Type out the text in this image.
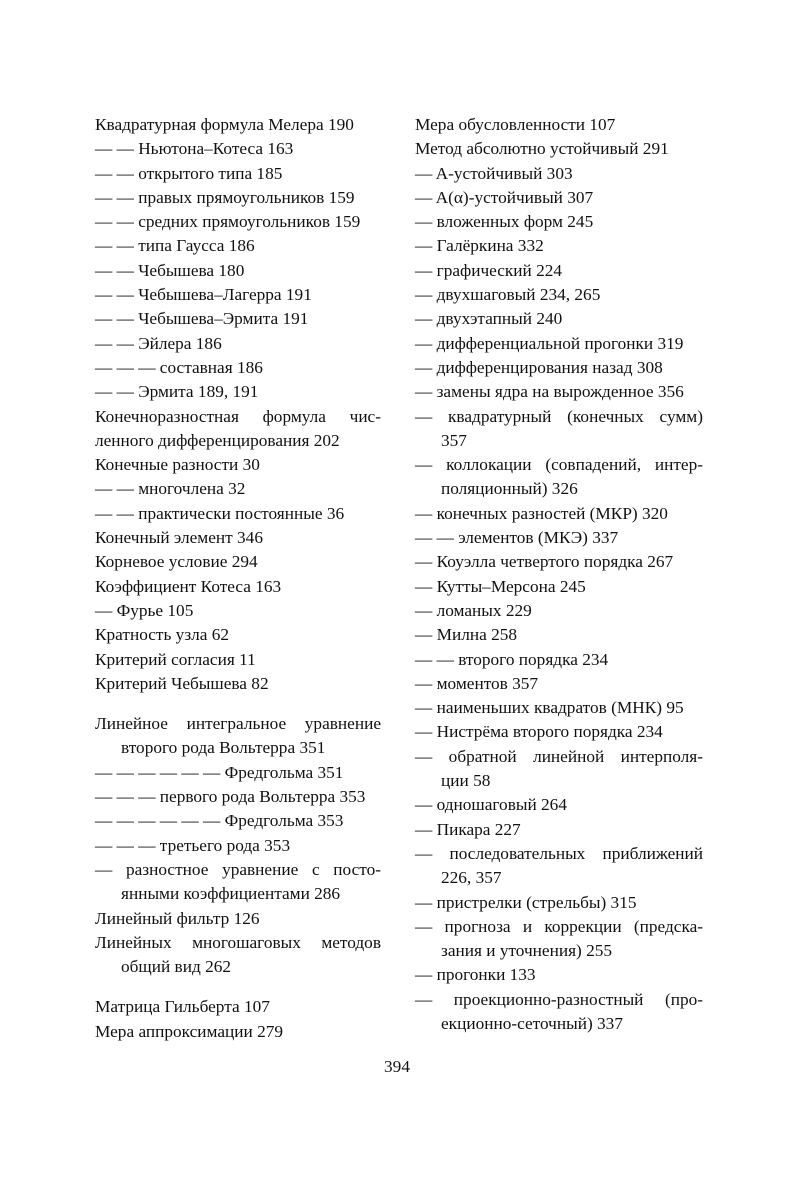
Квадратурная формула Мелера 190
— — Ньютона–Котеса 163
— — открытого типа 185
— — правых прямоугольников 159
— — средних прямоугольников 159
— — типа Гаусса 186
— — Чебышева 180
— — Чебышева–Лагерра 191
— — Чебышева–Эрмита 191
— — Эйлера 186
— — — составная 186
— — Эрмита 189, 191
Конечноразностная формула чис-
ленного дифференцирования 202
Конечные разности 30
— — многочлена 32
— — практически постоянные 36
Конечный элемент 346
Корневое условие 294
Коэффициент Котеса 163
— Фурье 105
Кратность узла 62
Критерий согласия 11
Критерий Чебышева 82
Линейное интегральное уравнение
второго рода Вольтерра 351
— — — — — — Фредгольма 351
— — — первого рода Вольтерра 353
— — — — — — Фредгольма 353
— — — третьего рода 353
— разностное уравнение с посто-
янными коэффициентами 286
Линейный фильтр 126
Линейных многошаговых методов
общий вид 262
Матрица Гильберта 107
Мера аппроксимации 279
Мера обусловленности 107
Метод абсолютно устойчивый 291
— A-устойчивый 303
— A(α)-устойчивый 307
— вложенных форм 245
— Галёркина 332
— графический 224
— двухшаговый 234, 265
— двухэтапный 240
— дифференциальной прогонки 319
— дифференцирования назад 308
— замены ядра на вырожденное 356
— квадратурный (конечных сумм)
357
— коллокации (совпадений, интер-
поляционный) 326
— конечных разностей (МКР) 320
— — элементов (МКЭ) 337
— Коуэлла четвертого порядка 267
— Кутты–Мерсона 245
— ломаных 229
— Милна 258
— — второго порядка 234
— моментов 357
— наименьших квадратов (МНК) 95
— Нистрёма второго порядка 234
— обратной линейной интерполя-
ции 58
— одношаговый 264
— Пикара 227
— последовательных приближений
226, 357
— пристрелки (стрельбы) 315
— прогноза и коррекции (предска-
зания и уточнения) 255
— прогонки 133
— проекционно-разностный (про-
екционно-сеточный) 337
394
